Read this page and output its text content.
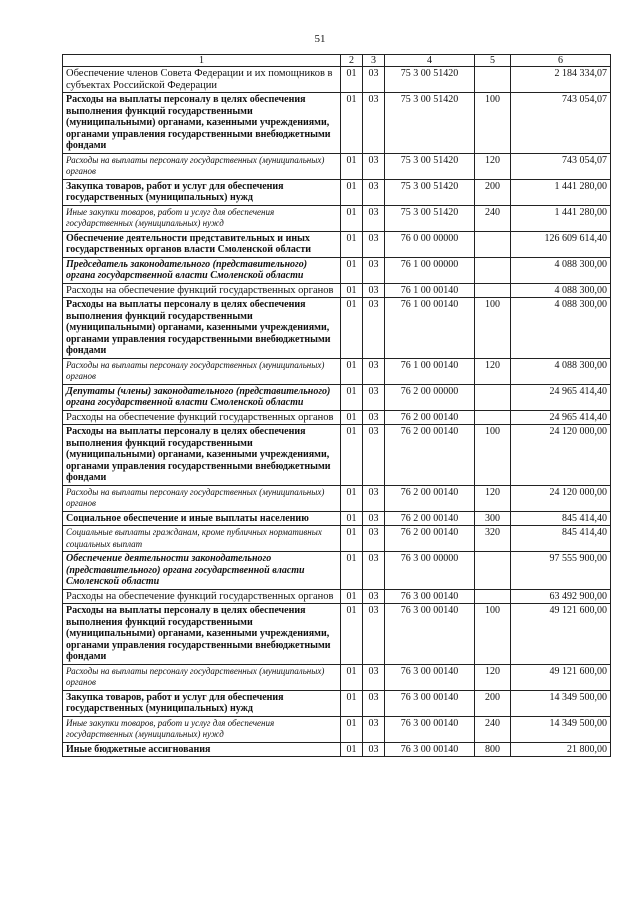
51
1	2	3	4	5	6
Обеспечение членов Совета Федерации и их помощников в субъектах Российской Федерации	01	03	75 3 00 51420		2 184 334,07
Расходы на выплаты персоналу в целях обеспечения выполнения функций государственными (муниципальными) органами, казенными учреждениями, органами управления государственными внебюджетными фондами	01	03	75 3 00 51420	100	743 054,07
Расходы на выплаты персоналу государственных (муниципальных) органов	01	03	75 3 00 51420	120	743 054,07
Закупка товаров, работ и услуг для обеспечения государственных (муниципальных) нужд	01	03	75 3 00 51420	200	1 441 280,00
Иные закупки товаров, работ и услуг для обеспечения государственных (муниципальных) нужд	01	03	75 3 00 51420	240	1 441 280,00
Обеспечение деятельности представительных и иных государственных органов власти Смоленской области	01	03	76 0 00 00000		126 609 614,40
Председатель законодательного (представительного) органа государственной власти Смоленской области	01	03	76 1 00 00000		4 088 300,00
Расходы на обеспечение функций государственных органов	01	03	76 1 00 00140		4 088 300,00
Расходы на выплаты персоналу в целях обеспечения выполнения функций государственными (муниципальными) органами, казенными учреждениями, органами управления государственными внебюджетными фондами	01	03	76 1 00 00140	100	4 088 300,00
Расходы на выплаты персоналу государственных (муниципальных) органов	01	03	76 1 00 00140	120	4 088 300,00
Депутаты (члены) законодательного (представительного) органа государственной власти Смоленской области	01	03	76 2 00 00000		24 965 414,40
Расходы на обеспечение функций государственных органов	01	03	76 2 00 00140		24 965 414,40
Расходы на выплаты персоналу в целях обеспечения выполнения функций государственными (муниципальными) органами, казенными учреждениями, органами управления государственными внебюджетными фондами	01	03	76 2 00 00140	100	24 120 000,00
Расходы на выплаты персоналу государственных (муниципальных) органов	01	03	76 2 00 00140	120	24 120 000,00
Социальное обеспечение и иные выплаты населению	01	03	76 2 00 00140	300	845 414,40
Социальные выплаты гражданам, кроме публичных нормативных социальных выплат	01	03	76 2 00 00140	320	845 414,40
Обеспечение деятельности законодательного (представительного) органа государственной власти Смоленской области	01	03	76 3 00 00000		97 555 900,00
Расходы на обеспечение функций государственных органов	01	03	76 3 00 00140		63 492 900,00
Расходы на выплаты персоналу в целях обеспечения выполнения функций государственными (муниципальными) органами, казенными учреждениями, органами управления государственными внебюджетными фондами	01	03	76 3 00 00140	100	49 121 600,00
Расходы на выплаты персоналу государственных (муниципальных) органов	01	03	76 3 00 00140	120	49 121 600,00
Закупка товаров, работ и услуг для обеспечения государственных (муниципальных) нужд	01	03	76 3 00 00140	200	14 349 500,00
Иные закупки товаров, работ и услуг для обеспечения государственных (муниципальных) нужд	01	03	76 3 00 00140	240	14 349 500,00
Иные бюджетные ассигнования	01	03	76 3 00 00140	800	21 800,00
